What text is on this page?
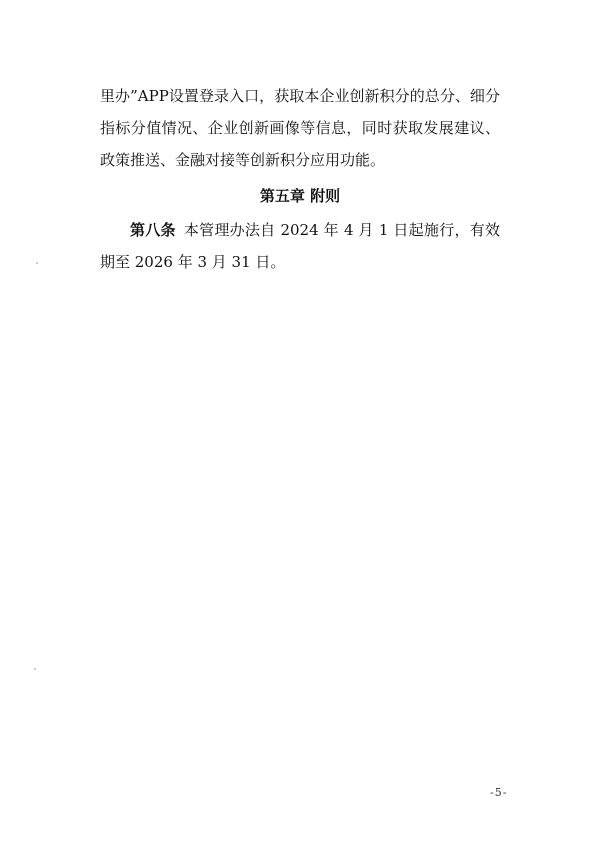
里办”APP设置登录入口，获取本企业创新积分的总分、细分指标分值情况、企业创新画像等信息，同时获取发展建议、政策推送、金融对接等创新积分应用功能。

第五章 附则

第八条 本管理办法自 2024 年 4 月 1 日起施行，有效期至 2026 年 3 月 31 日。

-5-
